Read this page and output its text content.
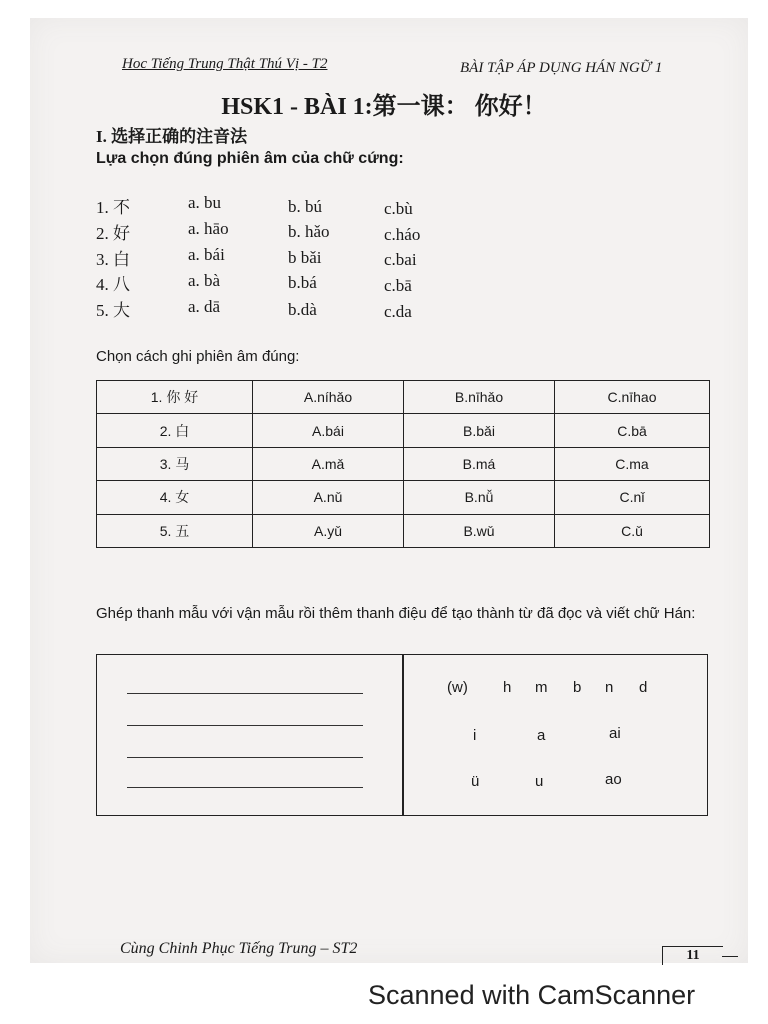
Hoc Tiếng Trung Thật Thú Vị - T2	BÀI TẬP ÁP DỤNG HÁN NGỮ 1
HSK1 - BÀI 1:第一课： 你好！
I. 选择正确的注音法
Lựa chọn đúng phiên âm của chữ cứng:
1. 不	a. bu	b. bú	c.bù
2. 好	a. hāo	b. hǎo	c.háo
3. 白	a. bái	b bǎi	c.bai
4. 八	a. bà	b.bá	c.bā
5. 大	a. dā	b.dà	c.da
Chọn cách ghi phiên âm đúng:
1. 你 好	A.níhǎo	B.nīhǎo	C.nīhao
2. 白	A.bái	B.bǎi	C.bā
3. 马	A.mǎ	B.má	C.ma
4. 女	A.nǔ	B.nǚ	C.nǐ
5. 五	A.yǔ	B.wǔ	C.ǔ
Ghép thanh mẫu với vận mẫu rồi thêm thanh điệu để tạo thành từ đã đọc và viết chữ Hán:
(w) h m b n d
i	a	ai
ü	u	ao
Cùng Chinh Phục Tiếng Trung – ST2	11
Scanned with CamScanner
